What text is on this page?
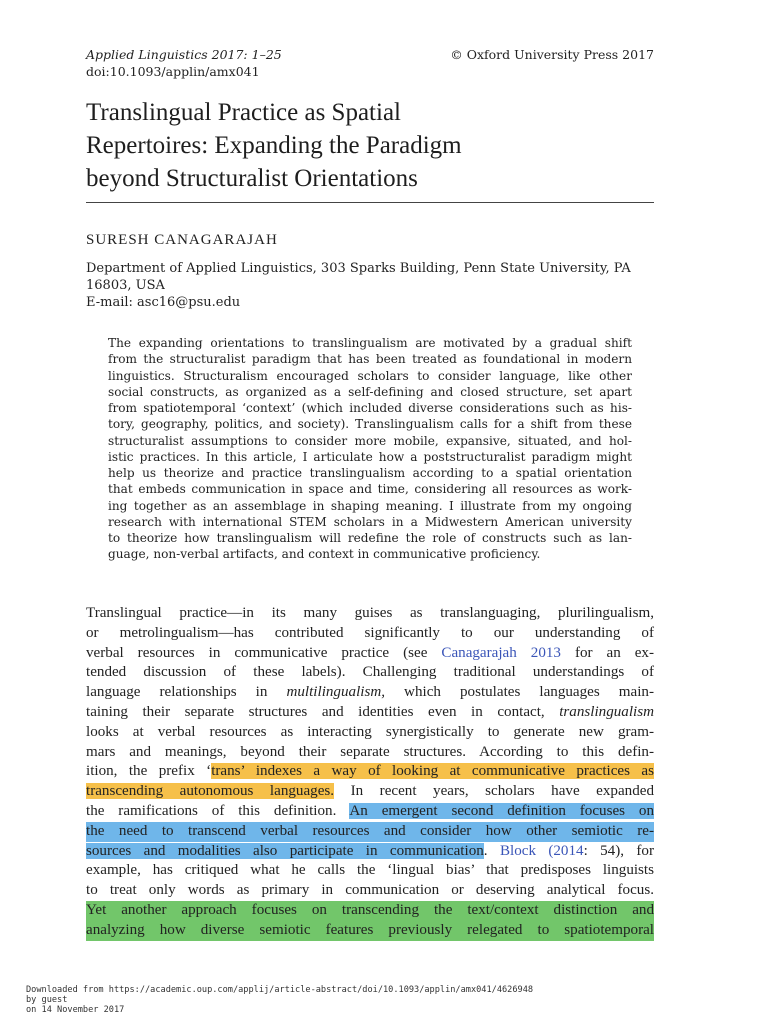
Applied Linguistics 2017: 1–25
doi:10.1093/applin/amx041
© Oxford University Press 2017
Translingual Practice as Spatial
Repertoires: Expanding the Paradigm
beyond Structuralist Orientations
SURESH CANAGARAJAH
Department of Applied Linguistics, 303 Sparks Building, Penn State University, PA
16803, USA
E-mail: asc16@psu.edu
The expanding orientations to translingualism are motivated by a gradual shift
from the structuralist paradigm that has been treated as foundational in modern
linguistics. Structuralism encouraged scholars to consider language, like other
social constructs, as organized as a self-defining and closed structure, set apart
from spatiotemporal ‘context’ (which included diverse considerations such as his-
tory, geography, politics, and society). Translingualism calls for a shift from these
structuralist assumptions to consider more mobile, expansive, situated, and hol-
istic practices. In this article, I articulate how a poststructuralist paradigm might
help us theorize and practice translingualism according to a spatial orientation
that embeds communication in space and time, considering all resources as work-
ing together as an assemblage in shaping meaning. I illustrate from my ongoing
research with international STEM scholars in a Midwestern American university
to theorize how translingualism will redefine the role of constructs such as lan-
guage, non-verbal artifacts, and context in communicative proficiency.
Translingual practice—in its many guises as translanguaging, plurilingualism,
or metrolingualism—has contributed significantly to our understanding of
verbal resources in communicative practice (see Canagarajah 2013 for an ex-
tended discussion of these labels). Challenging traditional understandings of
language relationships in multilingualism, which postulates languages main-
taining their separate structures and identities even in contact, translingualism
looks at verbal resources as interacting synergistically to generate new gram-
mars and meanings, beyond their separate structures. According to this defin-
ition, the prefix ‘trans’ indexes a way of looking at communicative practices as
transcending autonomous languages. In recent years, scholars have expanded
the ramifications of this definition. An emergent second definition focuses on
the need to transcend verbal resources and consider how other semiotic re-
sources and modalities also participate in communication. Block (2014: 54), for
example, has critiqued what he calls the ‘lingual bias’ that predisposes linguists
to treat only words as primary in communication or deserving analytical focus.
Yet another approach focuses on transcending the text/context distinction and
analyzing how diverse semiotic features previously relegated to spatiotemporal
Downloaded from https://academic.oup.com/applij/article-abstract/doi/10.1093/applin/amx041/4626948
by guest
on 14 November 2017
